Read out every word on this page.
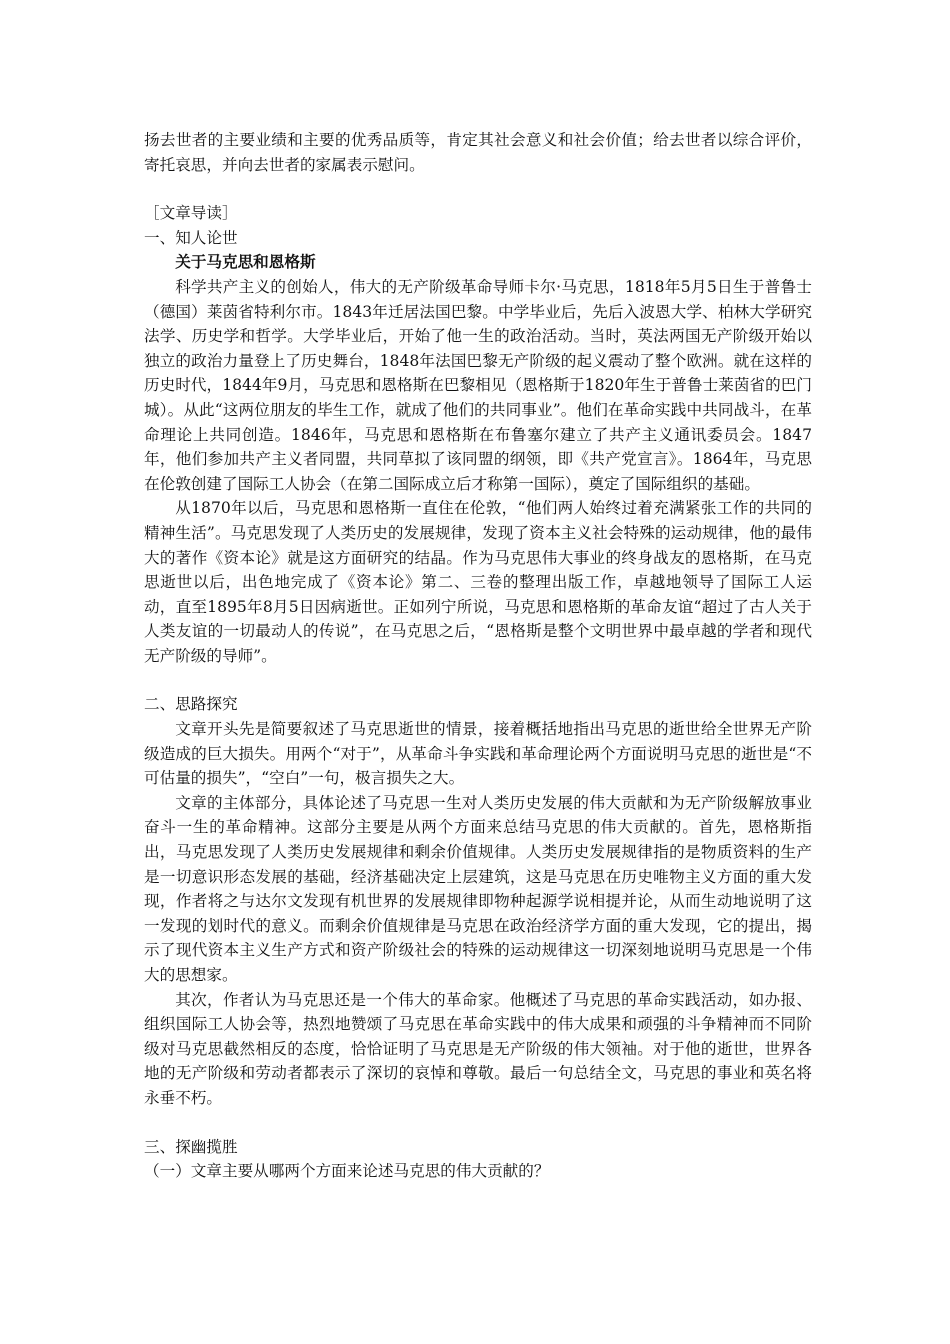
扬去世者的主要业绩和主要的优秀品质等，肯定其社会意义和社会价值；给去世者以综合评价，寄托哀思，并向去世者的家属表示慰问。

［文章导读］

一、知人论世

关于马克思和恩格斯

科学共产主义的创始人，伟大的无产阶级革命导师卡尔·马克思，1818年5月5日生于普鲁士（德国）莱茵省特利尔市。1843年迁居法国巴黎。中学毕业后，先后入波恩大学、柏林大学研究法学、历史学和哲学。大学毕业后，开始了他一生的政治活动。当时，英法两国无产阶级开始以独立的政治力量登上了历史舞台，1848年法国巴黎无产阶级的起义震动了整个欧洲。就在这样的历史时代，1844年9月，马克思和恩格斯在巴黎相见（恩格斯于1820年生于普鲁士莱茵省的巴门城）。从此“这两位朋友的毕生工作，就成了他们的共同事业”。他们在革命实践中共同战斗，在革命理论上共同创造。1846年，马克思和恩格斯在布鲁塞尔建立了共产主义通讯委员会。1847年，他们参加共产主义者同盟，共同草拟了该同盟的纲领，即《共产党宣言》。1864年，马克思在伦敦创建了国际工人协会（在第二国际成立后才称第一国际），奠定了国际组织的基础。

从1870年以后，马克思和恩格斯一直住在伦敦，“他们两人始终过着充满紧张工作的共同的精神生活”。马克思发现了人类历史的发展规律，发现了资本主义社会特殊的运动规律，他的最伟大的著作《资本论》就是这方面研究的结晶。作为马克思伟大事业的终身战友的恩格斯，在马克思逝世以后，出色地完成了《资本论》第二、三卷的整理出版工作，卓越地领导了国际工人运动，直至1895年8月5日因病逝世。正如列宁所说，马克思和恩格斯的革命友谊“超过了古人关于人类友谊的一切最动人的传说”，在马克思之后，“恩格斯是整个文明世界中最卓越的学者和现代无产阶级的导师”。

二、思路探究

文章开头先是简要叙述了马克思逝世的情景，接着概括地指出马克思的逝世给全世界无产阶级造成的巨大损失。用两个“对于”，从革命斗争实践和革命理论两个方面说明马克思的逝世是“不可估量的损失”，“空白”一句，极言损失之大。

文章的主体部分，具体论述了马克思一生对人类历史发展的伟大贡献和为无产阶级解放事业奋斗一生的革命精神。这部分主要是从两个方面来总结马克思的伟大贡献的。首先，恩格斯指出，马克思发现了人类历史发展规律和剩余价值规律。人类历史发展规律指的是物质资料的生产是一切意识形态发展的基础，经济基础决定上层建筑，这是马克思在历史唯物主义方面的重大发现，作者将之与达尔文发现有机世界的发展规律即物种起源学说相提并论，从而生动地说明了这一发现的划时代的意义。而剩余价值规律是马克思在政治经济学方面的重大发现，它的提出，揭示了现代资本主义生产方式和资产阶级社会的特殊的运动规律这一切深刻地说明马克思是一个伟大的思想家。

其次，作者认为马克思还是一个伟大的革命家。他概述了马克思的革命实践活动，如办报、组织国际工人协会等，热烈地赞颂了马克思在革命实践中的伟大成果和顽强的斗争精神而不同阶级对马克思截然相反的态度，恰恰证明了马克思是无产阶级的伟大领袖。对于他的逝世，世界各地的无产阶级和劳动者都表示了深切的哀悼和尊敬。最后一句总结全文，马克思的事业和英名将永垂不朽。

三、探幽揽胜

（一）文章主要从哪两个方面来论述马克思的伟大贡献的？
